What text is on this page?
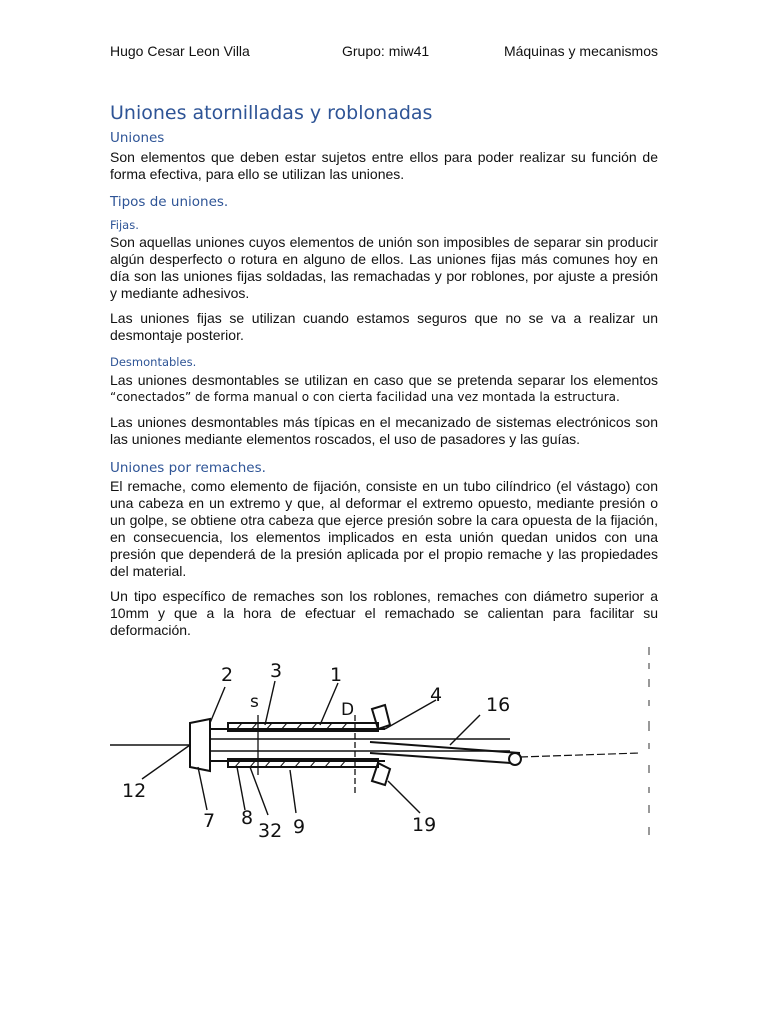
Hugo Cesar Leon Villa	Grupo: miw41	Máquinas y mecanismos
Uniones atornilladas y roblonadas
Uniones
Son elementos que deben estar sujetos entre ellos para poder realizar su función de
forma efectiva, para ello se utilizan las uniones.
Tipos de uniones.
Fijas.
Son aquellas uniones cuyos elementos de unión son imposibles de separar sin producir
algún desperfecto o rotura en alguno de ellos. Las uniones fijas más comunes hoy en
día son las uniones fijas soldadas, las remachadas y por roblones, por ajuste a presión
y mediante adhesivos.
Las uniones fijas se utilizan cuando estamos seguros que no se va a realizar un
desmontaje posterior.
Desmontables.
Las uniones desmontables se utilizan en caso que se pretenda separar los elementos
“conectados” de forma manual o con cierta facilidad una vez montada la estructura.
Las uniones desmontables más típicas en el mecanizado de sistemas electrónicos son
las uniones mediante elementos roscados, el uso de pasadores y las guías.
Uniones por remaches.
El remache, como elemento de fijación, consiste en un tubo cilíndrico (el vástago) con
una cabeza en un extremo y que, al deformar el extremo opuesto, mediante presión o
un golpe, se obtiene otra cabeza que ejerce presión sobre la cara opuesta de la fijación,
en consecuencia, los elementos implicados en esta unión quedan unidos con una
presión que dependerá de la presión aplicada por el propio remache y las propiedades
del material.
Un tipo específico de remaches son los roblones, remaches con diámetro superior a
10mm y que a la hora de efectuar el remachado se calientan para facilitar su
deformación.
2 3	1
s	D
4 16
12
7 8
32 9	19
